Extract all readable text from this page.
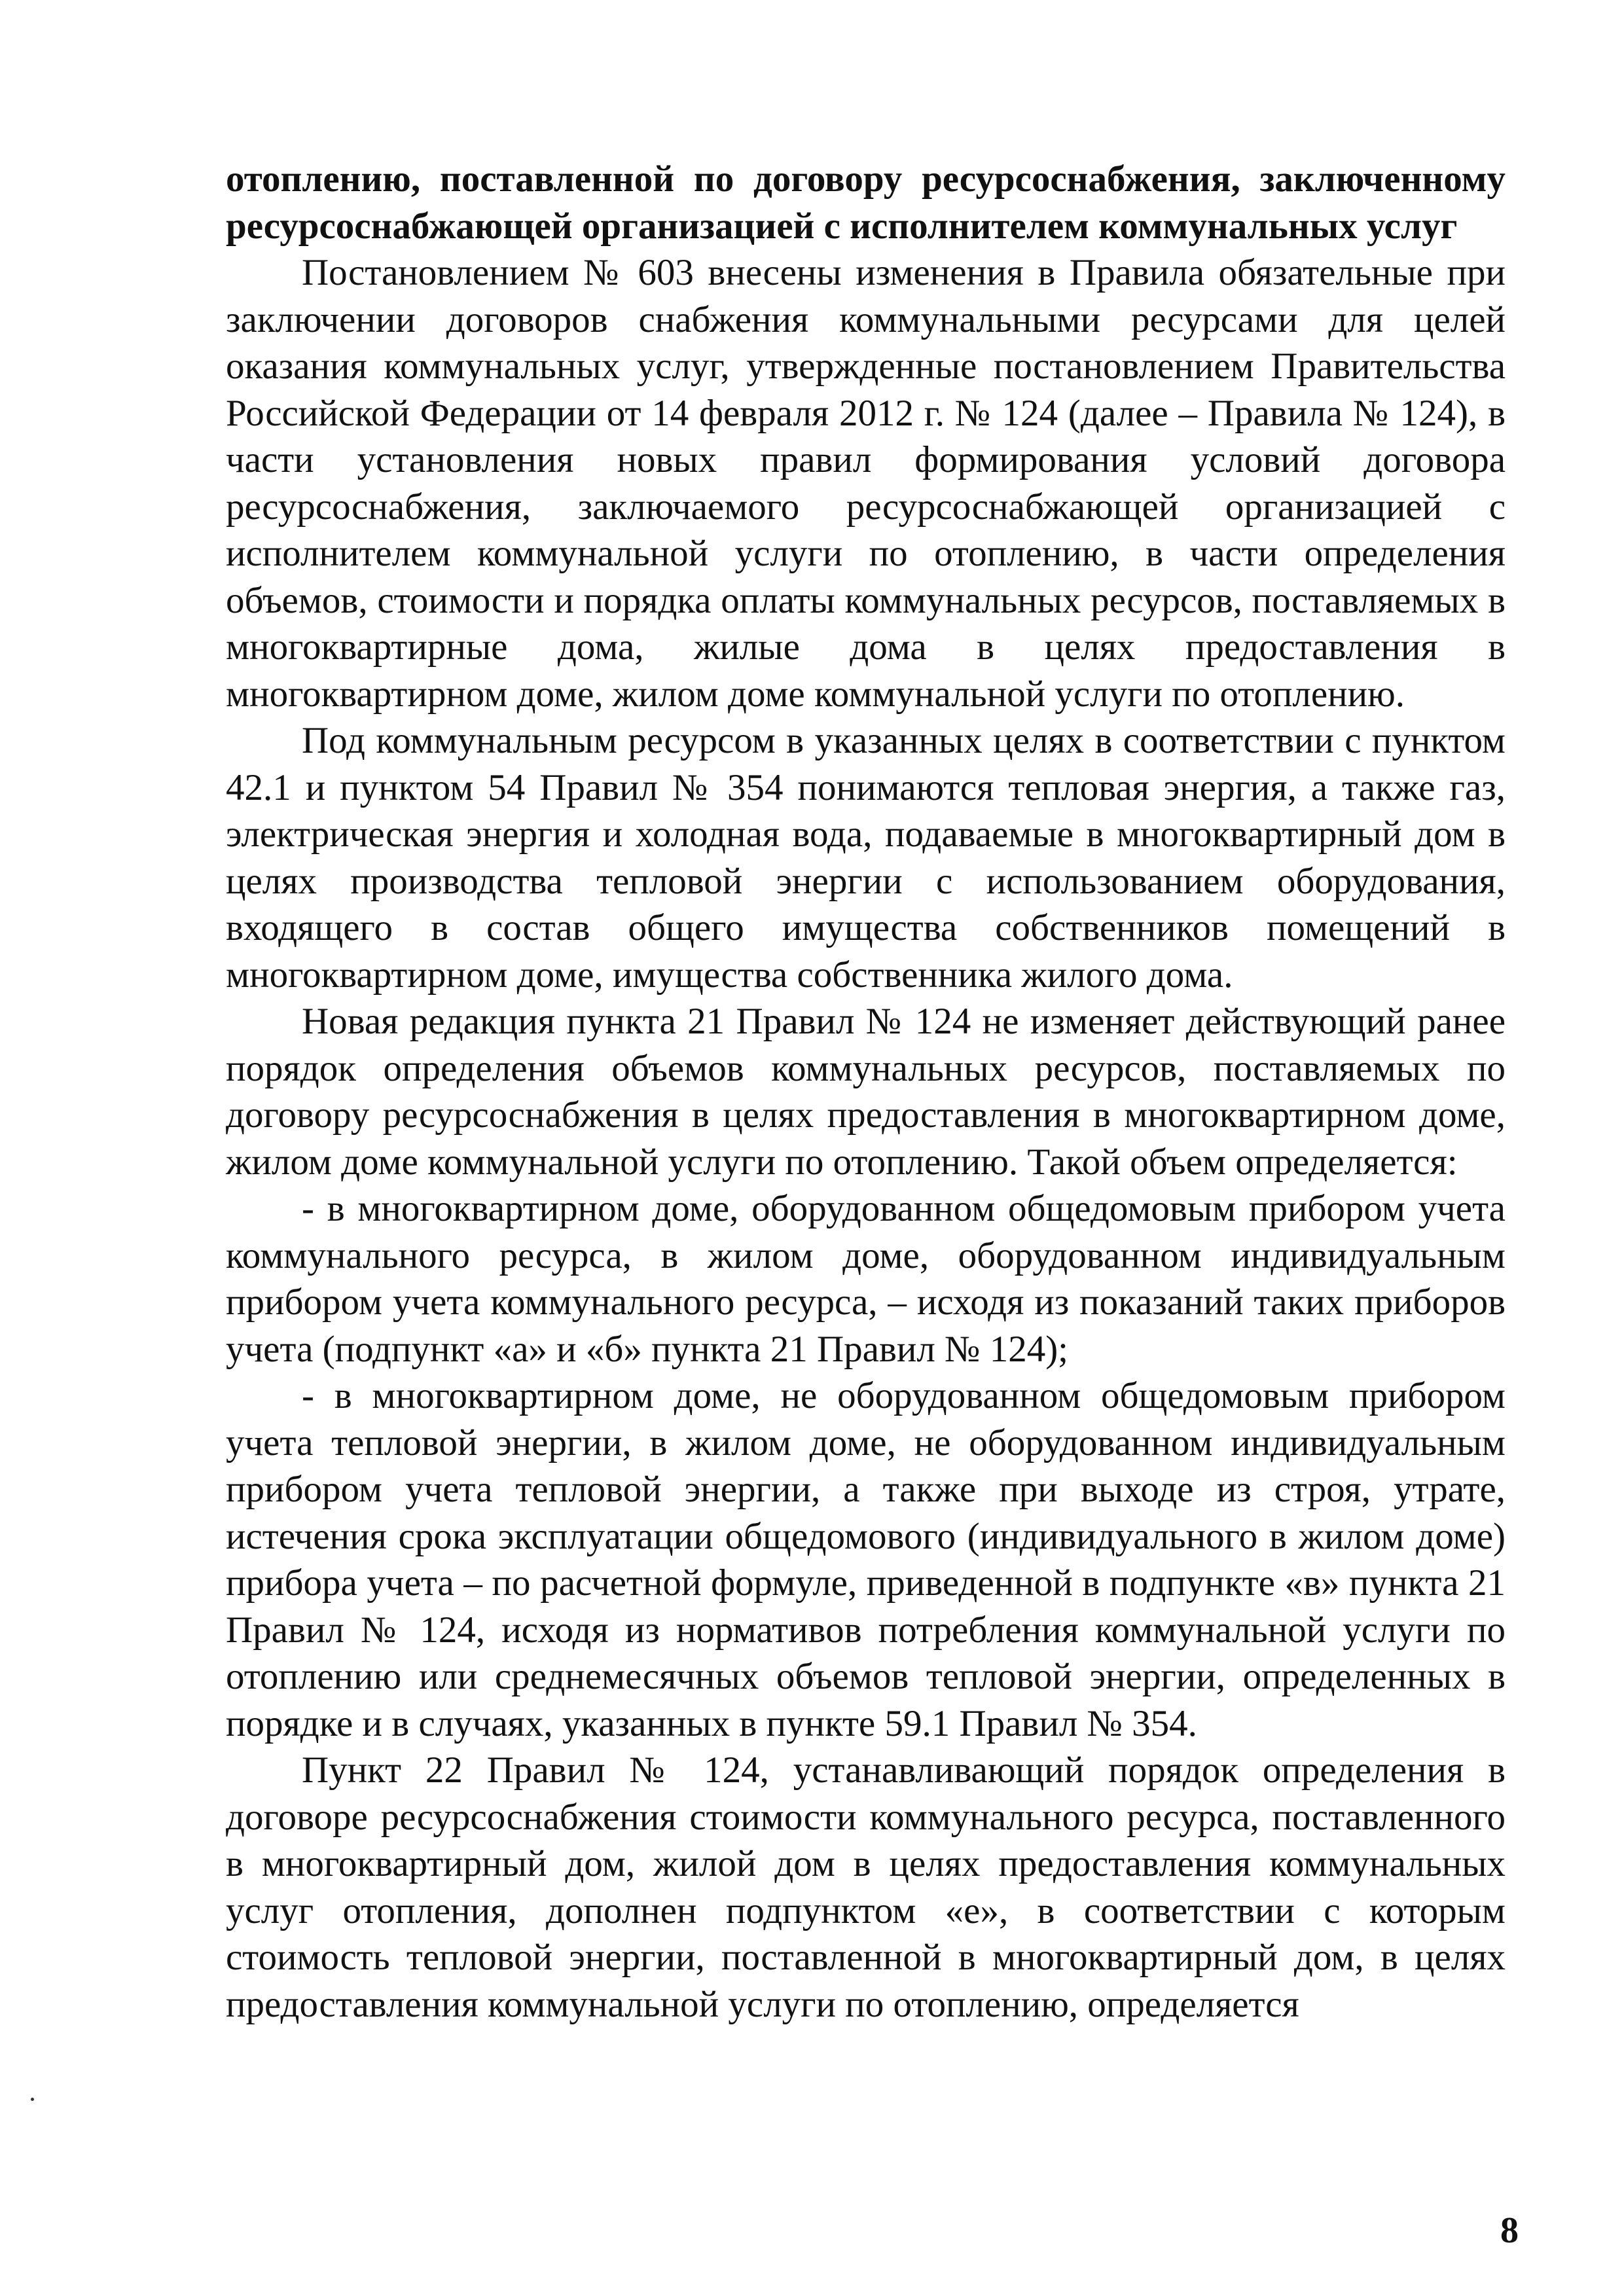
отоплению, поставленной по договору ресурсоснабжения, заключенному ресурсоснабжающей организацией с исполнителем коммунальных услуг

Постановлением № 603 внесены изменения в Правила обязательные при заключении договоров снабжения коммунальными ресурсами для целей оказания коммунальных услуг, утвержденные постановлением Правительства Российской Федерации от 14 февраля 2012 г. № 124 (далее – Правила № 124), в части установления новых правил формирования условий договора ресурсоснабжения, заключаемого ресурсоснабжающей организацией с исполнителем коммунальной услуги по отоплению, в части определения объемов, стоимости и порядка оплаты коммунальных ресурсов, поставляемых в многоквартирные дома, жилые дома в целях предоставления в многоквартирном доме, жилом доме коммунальной услуги по отоплению.

Под коммунальным ресурсом в указанных целях в соответствии с пунктом 42.1 и пунктом 54 Правил № 354 понимаются тепловая энергия, а также газ, электрическая энергия и холодная вода, подаваемые в многоквартирный дом в целях производства тепловой энергии с использованием оборудования, входящего в состав общего имущества собственников помещений в многоквартирном доме, имущества собственника жилого дома.

Новая редакция пункта 21 Правил № 124 не изменяет действующий ранее порядок определения объемов коммунальных ресурсов, поставляемых по договору ресурсоснабжения в целях предоставления в многоквартирном доме, жилом доме коммунальной услуги по отоплению. Такой объем определяется:

- в многоквартирном доме, оборудованном общедомовым прибором учета коммунального ресурса, в жилом доме, оборудованном индивидуальным прибором учета коммунального ресурса, – исходя из показаний таких приборов учета (подпункт «а» и «б» пункта 21 Правил № 124);

- в многоквартирном доме, не оборудованном общедомовым прибором учета тепловой энергии, в жилом доме, не оборудованном индивидуальным прибором учета тепловой энергии, а также при выходе из строя, утрате, истечения срока эксплуатации общедомового (индивидуального в жилом доме) прибора учета – по расчетной формуле, приведенной в подпункте «в» пункта 21 Правил № 124, исходя из нормативов потребления коммунальной услуги по отоплению или среднемесячных объемов тепловой энергии, определенных в порядке и в случаях, указанных в пункте 59.1 Правил № 354.

Пункт 22 Правил № 124, устанавливающий порядок определения в договоре ресурсоснабжения стоимости коммунального ресурса, поставленного в многоквартирный дом, жилой дом в целях предоставления коммунальных услуг отопления, дополнен подпунктом «е», в соответствии с которым стоимость тепловой энергии, поставленной в многоквартирный дом, в целях предоставления коммунальной услуги по отоплению, определяется

8
